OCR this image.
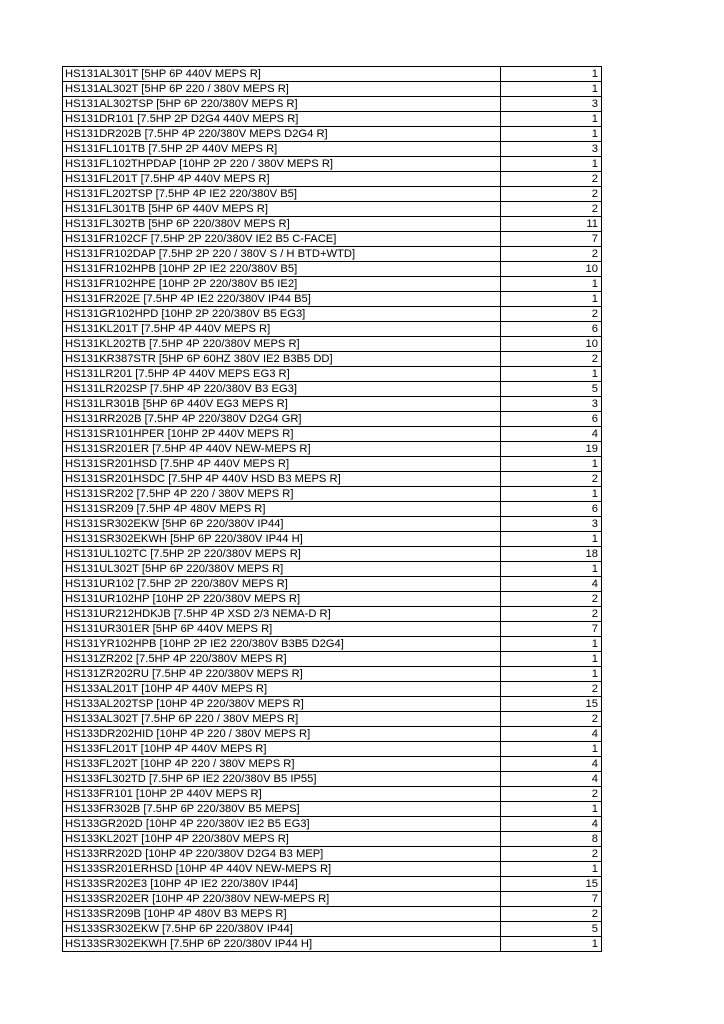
HS131AL301T [5HP 6P 440V MEPS R]	1
HS131AL302T [5HP 6P 220 / 380V MEPS R]	1
HS131AL302TSP [5HP 6P 220/380V MEPS R]	3
HS131DR101 [7.5HP 2P D2G4 440V MEPS R]	1
HS131DR202B [7.5HP 4P 220/380V MEPS D2G4 R]	1
HS131FL101TB [7.5HP 2P 440V MEPS R]	3
HS131FL102THPDAP [10HP 2P 220 / 380V MEPS R]	1
HS131FL201T [7.5HP 4P 440V MEPS R]	2
HS131FL202TSP [7.5HP 4P IE2 220/380V B5]	2
HS131FL301TB [5HP 6P 440V MEPS R]	2
HS131FL302TB [5HP 6P 220/380V MEPS R]	11
HS131FR102CF [7.5HP 2P 220/380V IE2 B5 C-FACE]	7
HS131FR102DAP [7.5HP 2P 220 / 380V S / H BTD+WTD]	2
HS131FR102HPB [10HP 2P IE2 220/380V B5]	10
HS131FR102HPE [10HP 2P 220/380V B5 IE2]	1
HS131FR202E [7.5HP 4P IE2 220/380V IP44 B5]	1
HS131GR102HPD [10HP 2P 220/380V B5 EG3]	2
HS131KL201T [7.5HP 4P 440V MEPS R]	6
HS131KL202TB [7.5HP 4P 220/380V MEPS R]	10
HS131KR387STR [5HP 6P 60HZ 380V IE2 B3B5 DD]	2
HS131LR201 [7.5HP 4P 440V MEPS EG3 R]	1
HS131LR202SP [7.5HP 4P 220/380V B3 EG3]	5
HS131LR301B [5HP 6P 440V EG3 MEPS R]	3
HS131RR202B [7.5HP 4P 220/380V D2G4 GR]	6
HS131SR101HPER [10HP 2P 440V MEPS R]	4
HS131SR201ER [7.5HP 4P 440V NEW-MEPS R]	19
HS131SR201HSD [7.5HP 4P 440V MEPS R]	1
HS131SR201HSDC [7.5HP 4P 440V HSD B3 MEPS R]	2
HS131SR202 [7.5HP 4P 220 / 380V MEPS R]	1
HS131SR209 [7.5HP 4P 480V MEPS R]	6
HS131SR302EKW [5HP 6P 220/380V IP44]	3
HS131SR302EKWH [5HP 6P 220/380V IP44 H]	1
HS131UL102TC [7.5HP 2P 220/380V MEPS R]	18
HS131UL302T [5HP 6P 220/380V MEPS R]	1
HS131UR102 [7.5HP 2P 220/380V MEPS R]	4
HS131UR102HP [10HP 2P 220/380V MEPS R]	2
HS131UR212HDKJB [7.5HP 4P XSD 2/3 NEMA-D R]	2
HS131UR301ER [5HP 6P 440V MEPS R]	7
HS131YR102HPB [10HP 2P IE2 220/380V B3B5 D2G4]	1
HS131ZR202 [7.5HP 4P 220/380V MEPS R]	1
HS131ZR202RU [7.5HP 4P 220/380V MEPS R]	1
HS133AL201T [10HP 4P 440V MEPS R]	2
HS133AL202TSP [10HP 4P 220/380V MEPS R]	15
HS133AL302T [7.5HP 6P 220 / 380V MEPS R]	2
HS133DR202HID [10HP 4P 220 / 380V MEPS R]	4
HS133FL201T [10HP 4P 440V MEPS R]	1
HS133FL202T [10HP 4P 220 / 380V MEPS R]	4
HS133FL302TD [7.5HP 6P IE2 220/380V B5 IP55]	4
HS133FR101 [10HP 2P 440V MEPS R]	2
HS133FR302B [7.5HP 6P 220/380V B5 MEPS]	1
HS133GR202D [10HP 4P 220/380V IE2 B5 EG3]	4
HS133KL202T [10HP 4P 220/380V MEPS R]	8
HS133RR202D [10HP 4P 220/380V D2G4 B3 MEP]	2
HS133SR201ERHSD [10HP 4P 440V NEW-MEPS R]	1
HS133SR202E3 [10HP 4P IE2 220/380V IP44]	15
HS133SR202ER [10HP 4P 220/380V NEW-MEPS R]	7
HS133SR209B [10HP 4P 480V B3 MEPS R]	2
HS133SR302EKW [7.5HP 6P 220/380V IP44]	5
HS133SR302EKWH [7.5HP 6P 220/380V IP44 H]	1
